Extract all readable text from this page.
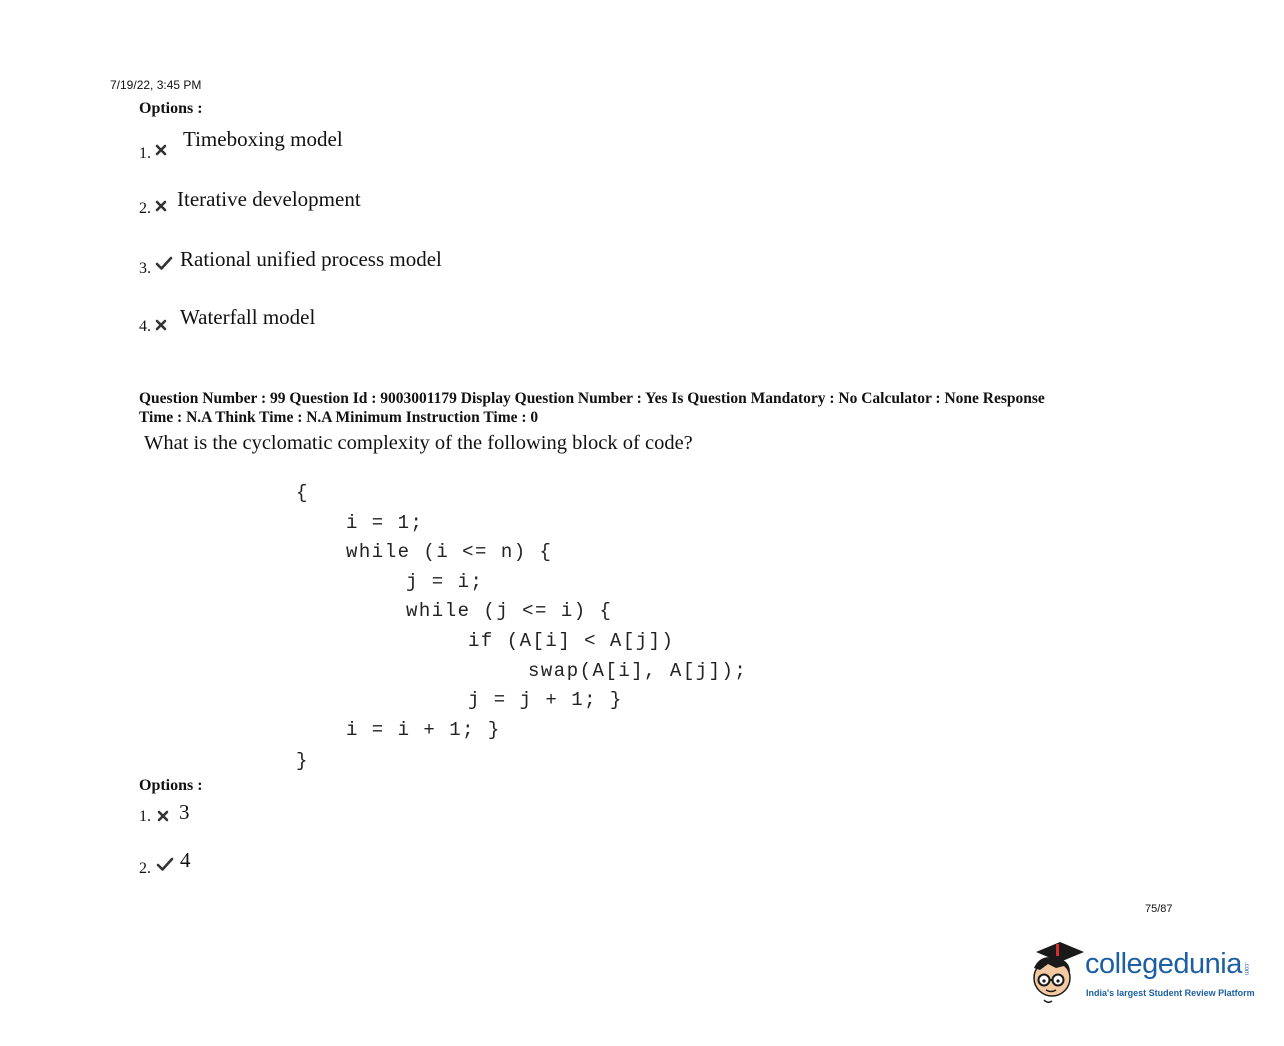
7/19/22, 3:45 PM
Options :
1.
Timeboxing model
2. Iterative development
3. Rational unified process model
4. Waterfall model
Question Number : 99 Question Id : 9003001179 Display Question Number : Yes Is Question Mandatory : No Calculator : None Response
Time : N.A Think Time : N.A Minimum Instruction Time : 0
What is the cyclomatic complexity of the following block of code?
{
i = 1;
while (i <= n) {
j = i;
while (j <= i) {
if (A[i] < A[j])
swap(A[i], A[j]);
j = j + 1; }
i = i + 1; }
}
Options :
1. 3
2. 4
75/87
collegedunia .com
India's largest Student Review Platform
